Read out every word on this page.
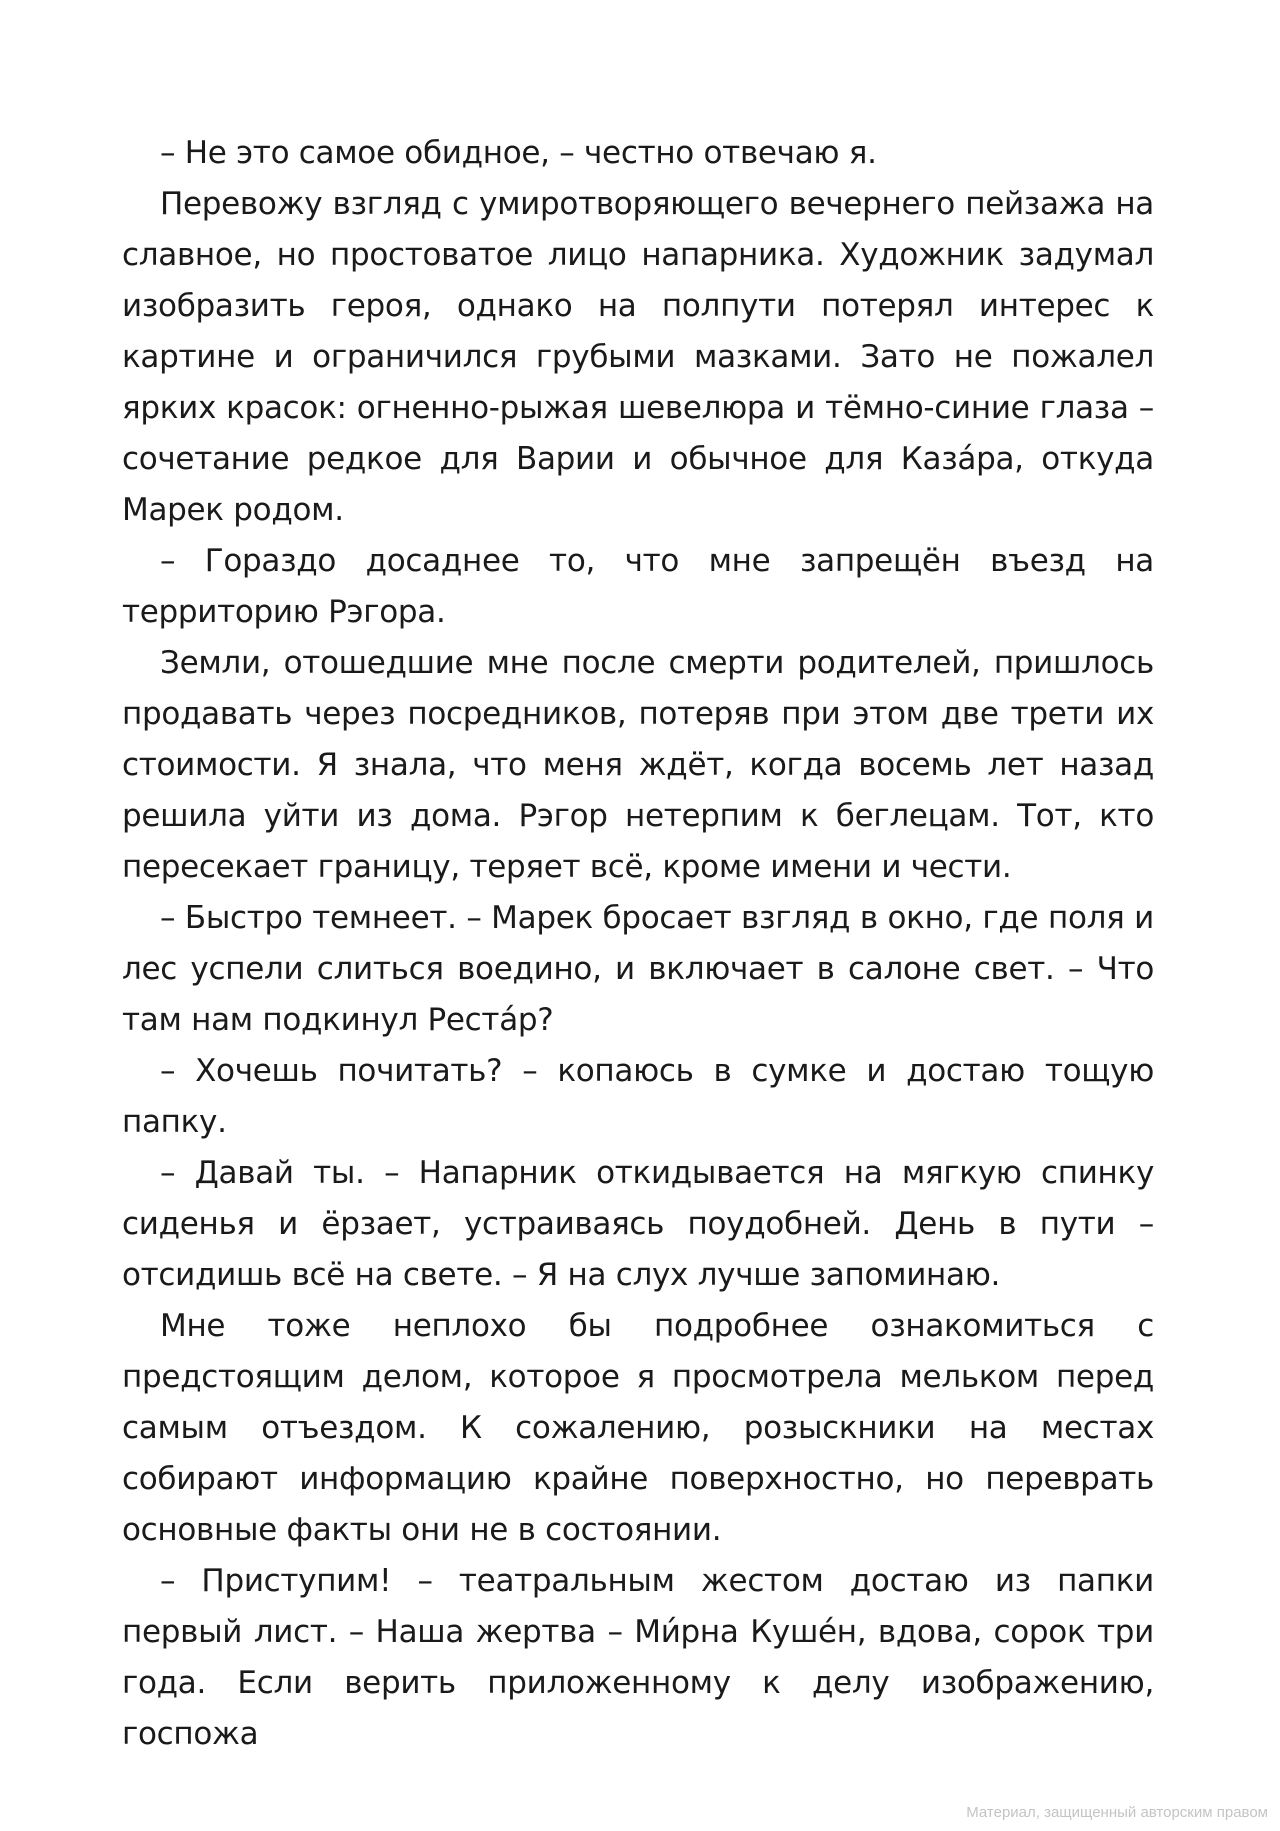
– Не это самое обидное, – честно отвечаю я.

Перевожу взгляд с умиротворяющего вечернего пейзажа на славное, но простоватое лицо напарника. Художник задумал изобразить героя, однако на полпути потерял интерес к картине и ограничился грубыми мазками. Зато не пожалел ярких красок: огненно-рыжая шевелюра и тёмно-синие глаза – сочетание редкое для Варии и обычное для Каза́ра, откуда Марек родом.

– Гораздо досаднее то, что мне запрещён въезд на территорию Рэгора.

Земли, отошедшие мне после смерти родителей, пришлось продавать через посредников, потеряв при этом две трети их стоимости. Я знала, что меня ждёт, когда восемь лет назад решила уйти из дома. Рэгор нетерпим к беглецам. Тот, кто пересекает границу, теряет всё, кроме имени и чести.

– Быстро темнеет. – Марек бросает взгляд в окно, где поля и лес успели слиться воедино, и включает в салоне свет. – Что там нам подкинул Реста́р?

– Хочешь почитать? – копаюсь в сумке и достаю тощую папку.

– Давай ты. – Напарник откидывается на мягкую спинку сиденья и ёрзает, устраиваясь поудобней. День в пути – отсидишь всё на свете. – Я на слух лучше запоминаю.

Мне тоже неплохо бы подробнее ознакомиться с предстоящим делом, которое я просмотрела мельком перед самым отъездом. К сожалению, розыскники на местах собирают информацию крайне поверхностно, но переврать основные факты они не в состоянии.

– Приступим! – театральным жестом достаю из папки первый лист. – Наша жертва – Ми́рна Куше́н, вдова, сорок три года. Если верить приложенному к делу изображению, госпожа

Материал, защищенный авторским правом
